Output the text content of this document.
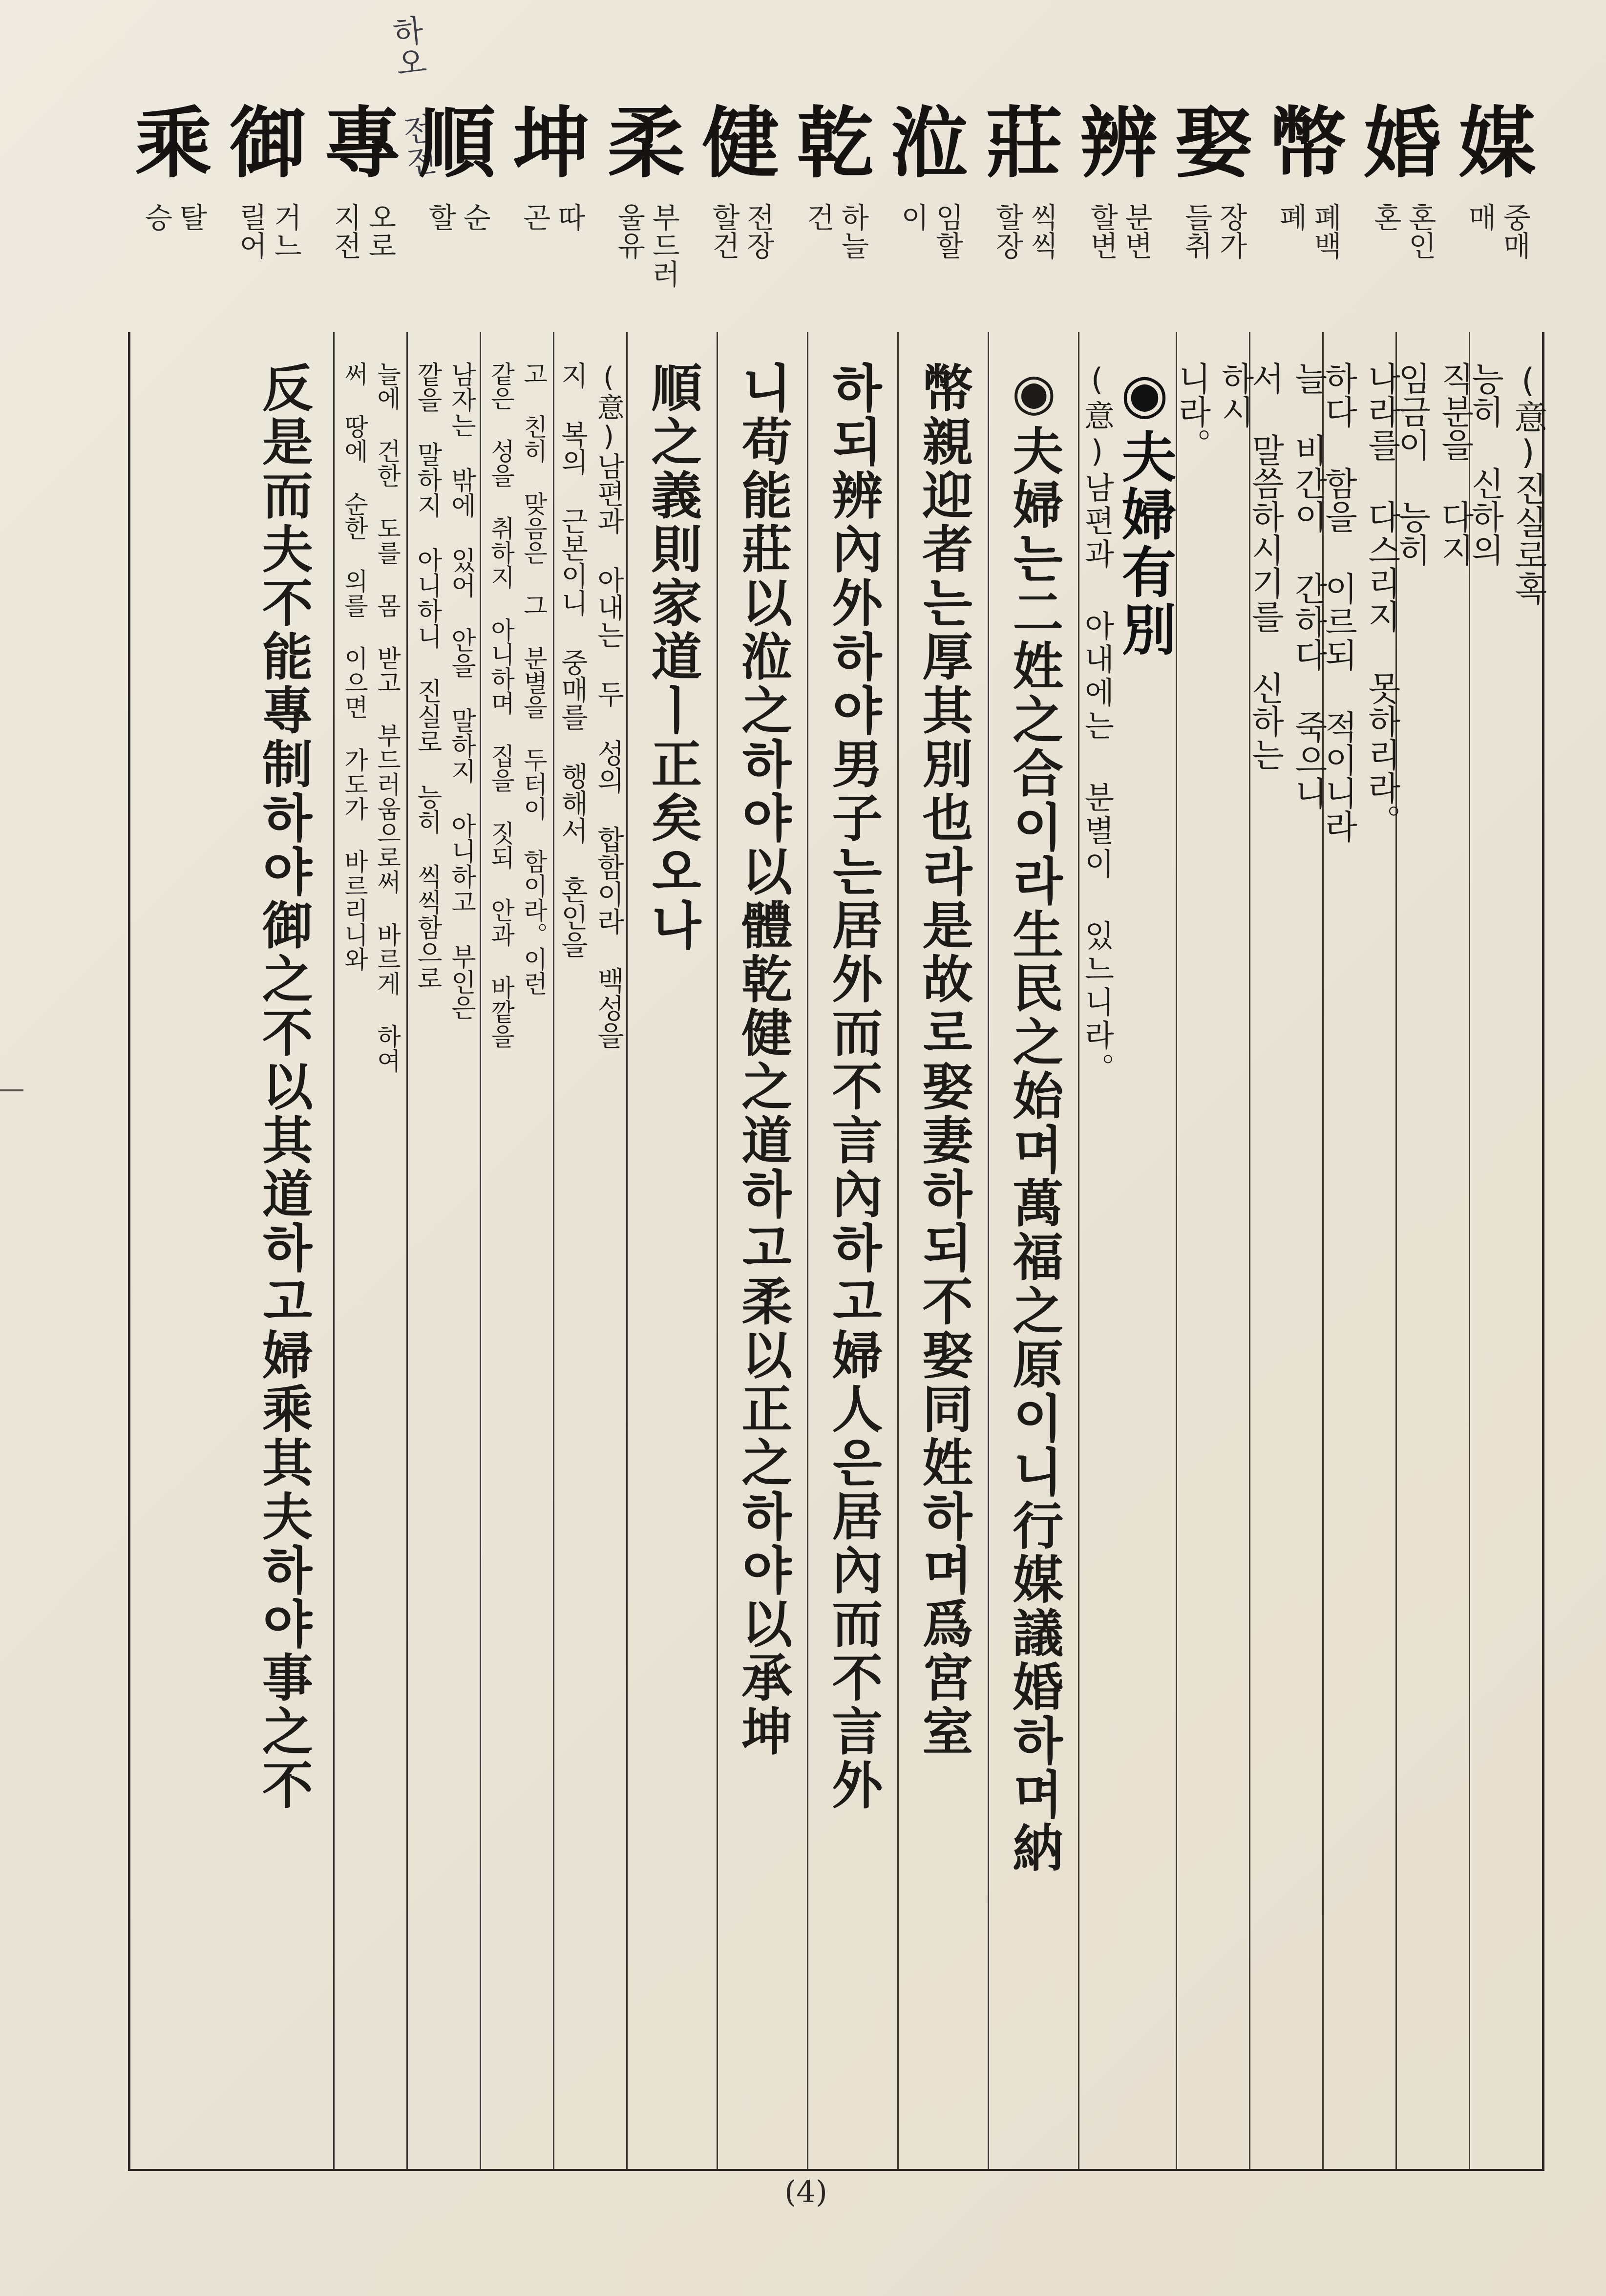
하오 전전	媒
중매
매
婚
혼인
혼
幣
폐백
폐
娶
장가
들취
辨
분변
할변
莊
씩씩
할장
涖
임할
이
乾
하늘
건
健
전장
할건
柔
부드러
울유
坤
따
곤
順
순
할
專
오로
지전
御
거느
릴어
乘
탈
승
(意)진실로혹
능히 신하의
직분을 다지
임금이 능히
나라를 다스리지 못하리라。
하다 함을 이르되 적이니라
늘 비간이 간하다 죽으니
서 말씀하시기를 신하는
하시
니라。
◉夫婦有別
(意)남편과 아내에는 분별이 있느니라。
◉夫婦는二姓之合이라生民之始며萬福之原이니行媒議婚하며納
幣親迎者는厚其別也라是故로娶妻하되不娶同姓하며爲宮室
하되辨內外하야男子는居外而不言內하고婦人은居內而不言外
니苟能莊以涖之하야以體乾健之道하고柔以正之하야以承坤
順之義則家道ㅣ正矣오나
(意)남편과 아내는 두 성의 합함이라 백성을
지 복의 근본이니 중매를 행해서 혼인을
고 친히 맞음은 그 분별을 두터이 함이라。이런
같은 성을 취하지 아니하며 집을 짓되 안과 바깥을
남자는 밖에 있어 안을 말하지 아니하고 부인은
깥을 말하지 아니하니 진실로 능히 씩씩함으로
늘에 건한 도를 몸 받고 부드러움으로써 바르게 하여
써 땅에 순한 의를 이으면 가도가 바르리니와
反是而夫不能專制하야御之不以其道하고婦乘其夫하야事之不
(4)
